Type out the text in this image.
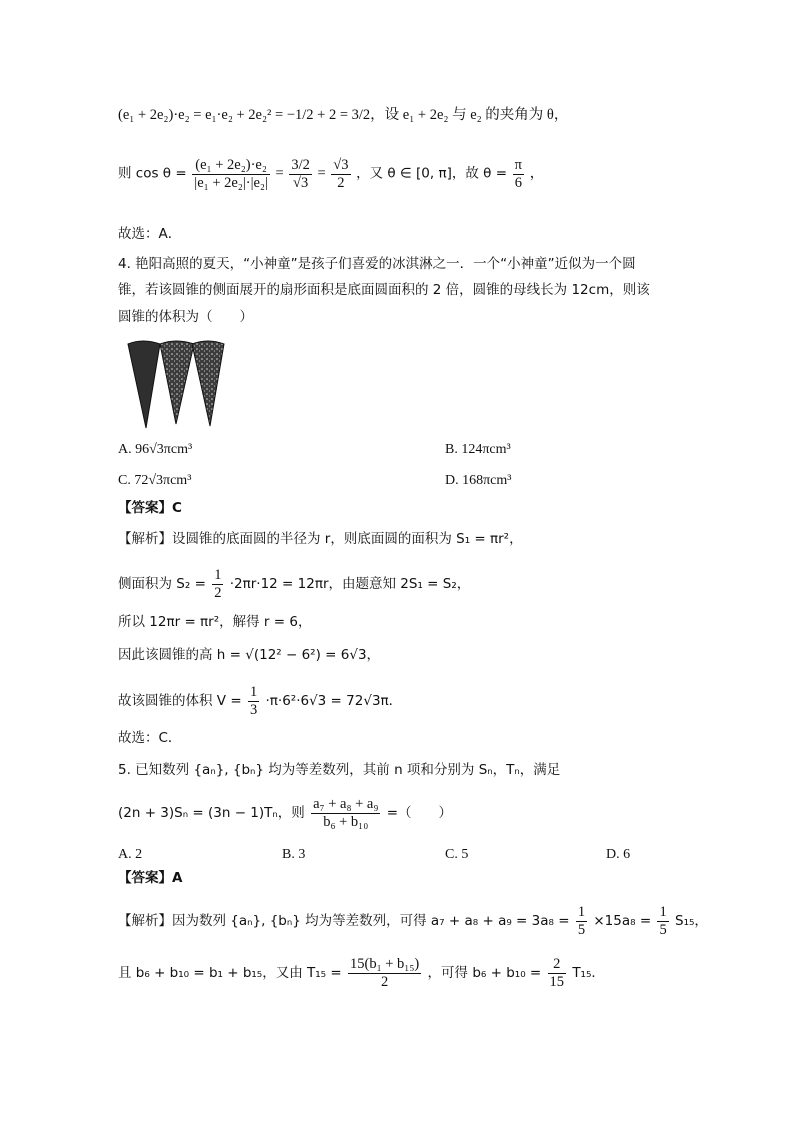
(e₁ + 2e₂)·e₂ = e₁·e₂ + 2e₂² = −1/2 + 2 = 3/2，设 e₁ + 2e₂ 与 e₂ 的夹角为 θ，
则 $\cos \theta = \frac{\text{(e₁ + 2e₂)·e₂}}{\text{|e₁ + 2e₂|·|e₂|}} = \frac{3/2}{√3} = \frac{√3}{2}$ ，又 θ ∈ [0, π]，故 $\theta = \frac{\pi}{6}$ ，
故选：A．
4. 艳阳高照的夏天，“小神童”是孩子们喜爱的冰淇淋之一．一个“小神童”近似为一个圆
锥，若该圆锥的侧面展开的扇形面积是底面圆面积的 2 倍，圆锥的母线长为 12cm，则该
圆锥的体积为（　　）
A. 96√3πcm³	B. 124πcm³
C. 72√3πcm³	D. 168πcm³
【答案】C
【解析】设圆锥的底面圆的半径为 r，则底面圆的面积为 S₁ = πr²，
侧面积为 $S_2 = \frac{1}{2} \cdot 2\pi r\cdot 12 = 12\pi r$，由题意知 2S₁ = S₂，
所以 12πr = πr²，解得 r = 6，
因此该圆锥的高 h = √(12² − 6²) = 6√3，
故该圆锥的体积 $V = \frac{1}{3} \cdot\pi\cdot 6^2\cdot 6√3 = 72√3\pi$．
故选：C．
5. 已知数列 {aₙ}, {bₙ} 均为等差数列，其前 n 项和分别为 Sₙ，Tₙ，满足
(2n + 3)Sₙ = (3n − 1)Tₙ，则 $\frac{\text{a₇ + a₈ + a₉}}{\text{b₆ + b₁₀}}$ =（　　）
A. 2	B. 3	C. 5	D. 6
【答案】A
【解析】因为数列 {aₙ}, {bₙ} 均为等差数列，可得 $a_7 + a_8 + a_9 = 3a_8 = \frac{1}{5} \times 15a_8 = \frac{1}{5} S_{15}$，
且 b₆ + b₁₀ = b₁ + b₁₅，又由 $T_{15} = \frac{\text{15(b₁ + b₁₅)}}{2}$ ，可得 $b_6 + b_{10} = \frac{2}{15} T_{15}$．
